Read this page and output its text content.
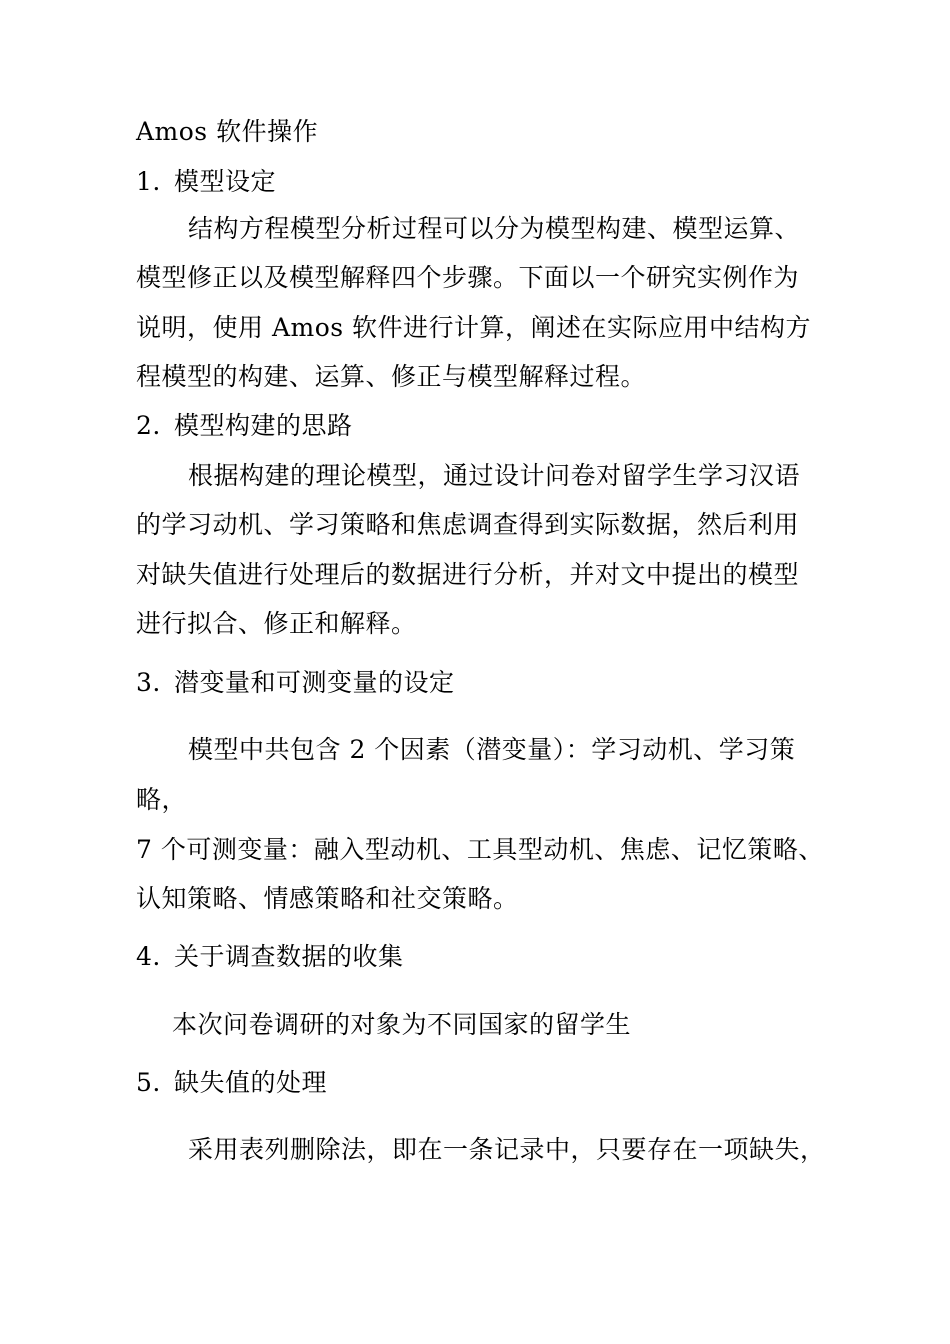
Amos 软件操作
1. 模型设定
结构方程模型分析过程可以分为模型构建、模型运算、
模型修正以及模型解释四个步骤。下面以一个研究实例作为
说明，使用 Amos 软件进行计算，阐述在实际应用中结构方
程模型的构建、运算、修正与模型解释过程。
2. 模型构建的思路
根据构建的理论模型，通过设计问卷对留学生学习汉语
的学习动机、学习策略和焦虑调查得到实际数据，然后利用
对缺失值进行处理后的数据进行分析，并对文中提出的模型
进行拟合、修正和解释。
3. 潜变量和可测变量的设定
模型中共包含 2 个因素（潜变量）：学习动机、学习策
略，
7 个可测变量：融入型动机、工具型动机、焦虑、记忆策略、
认知策略、情感策略和社交策略。
4. 关于调查数据的收集
本次问卷调研的对象为不同国家的留学生
5. 缺失值的处理
采用表列删除法，即在一条记录中，只要存在一项缺失，
